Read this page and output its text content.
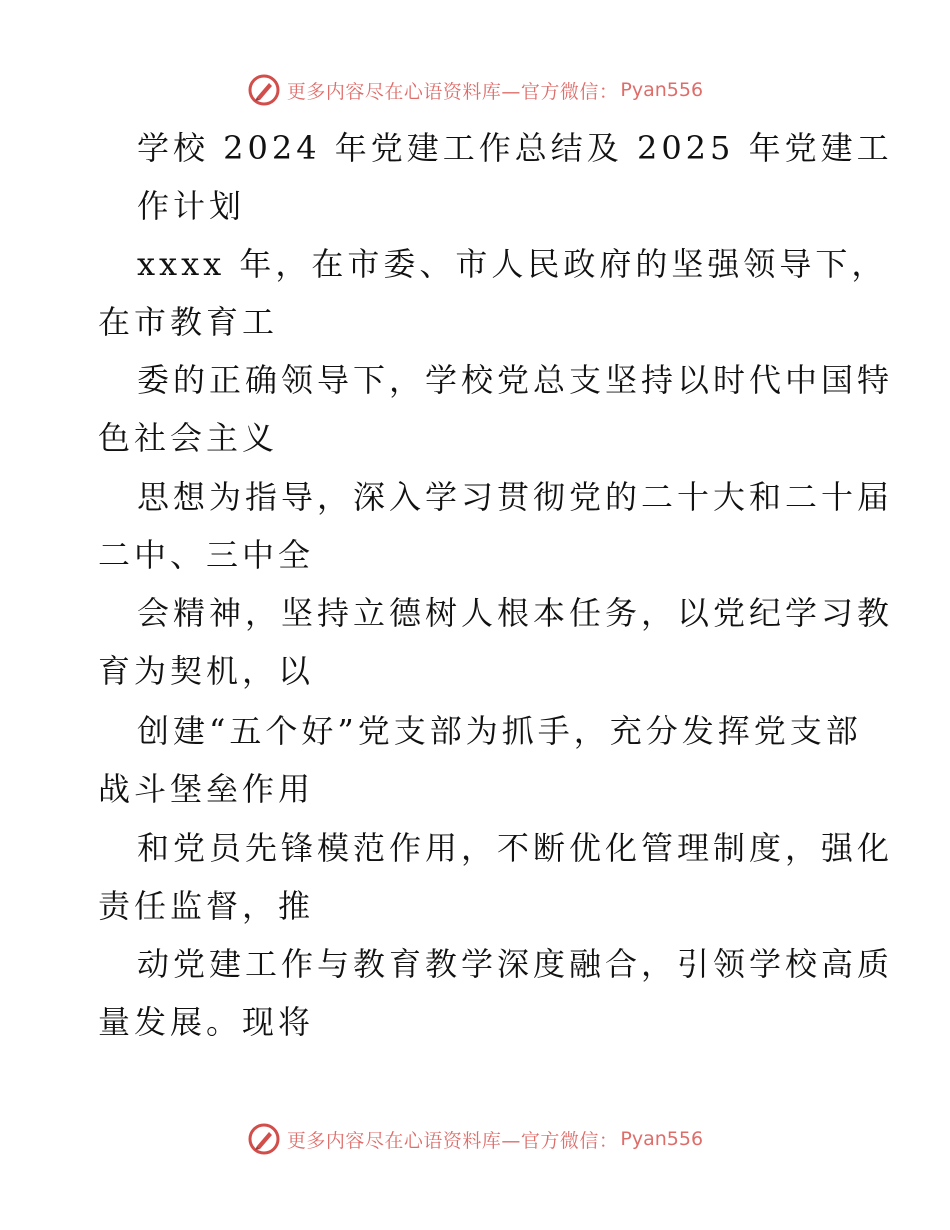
更多内容尽在心语资料库—官方微信： Pyan556
学校 2024 年党建工作总结及 2025 年党建工
作计划
xxxx 年，在市委、市人民政府的坚强领导下，
在市教育工
委的正确领导下，学校党总支坚持以时代中国特
色社会主义
思想为指导，深入学习贯彻党的二十大和二十届
二中、三中全
会精神，坚持立德树人根本任务，以党纪学习教
育为契机，以
创建“五个好”党支部为抓手，充分发挥党支部
战斗堡垒作用
和党员先锋模范作用，不断优化管理制度，强化
责任监督，推
动党建工作与教育教学深度融合，引领学校高质
量发展。现将
更多内容尽在心语资料库—官方微信： Pyan556
